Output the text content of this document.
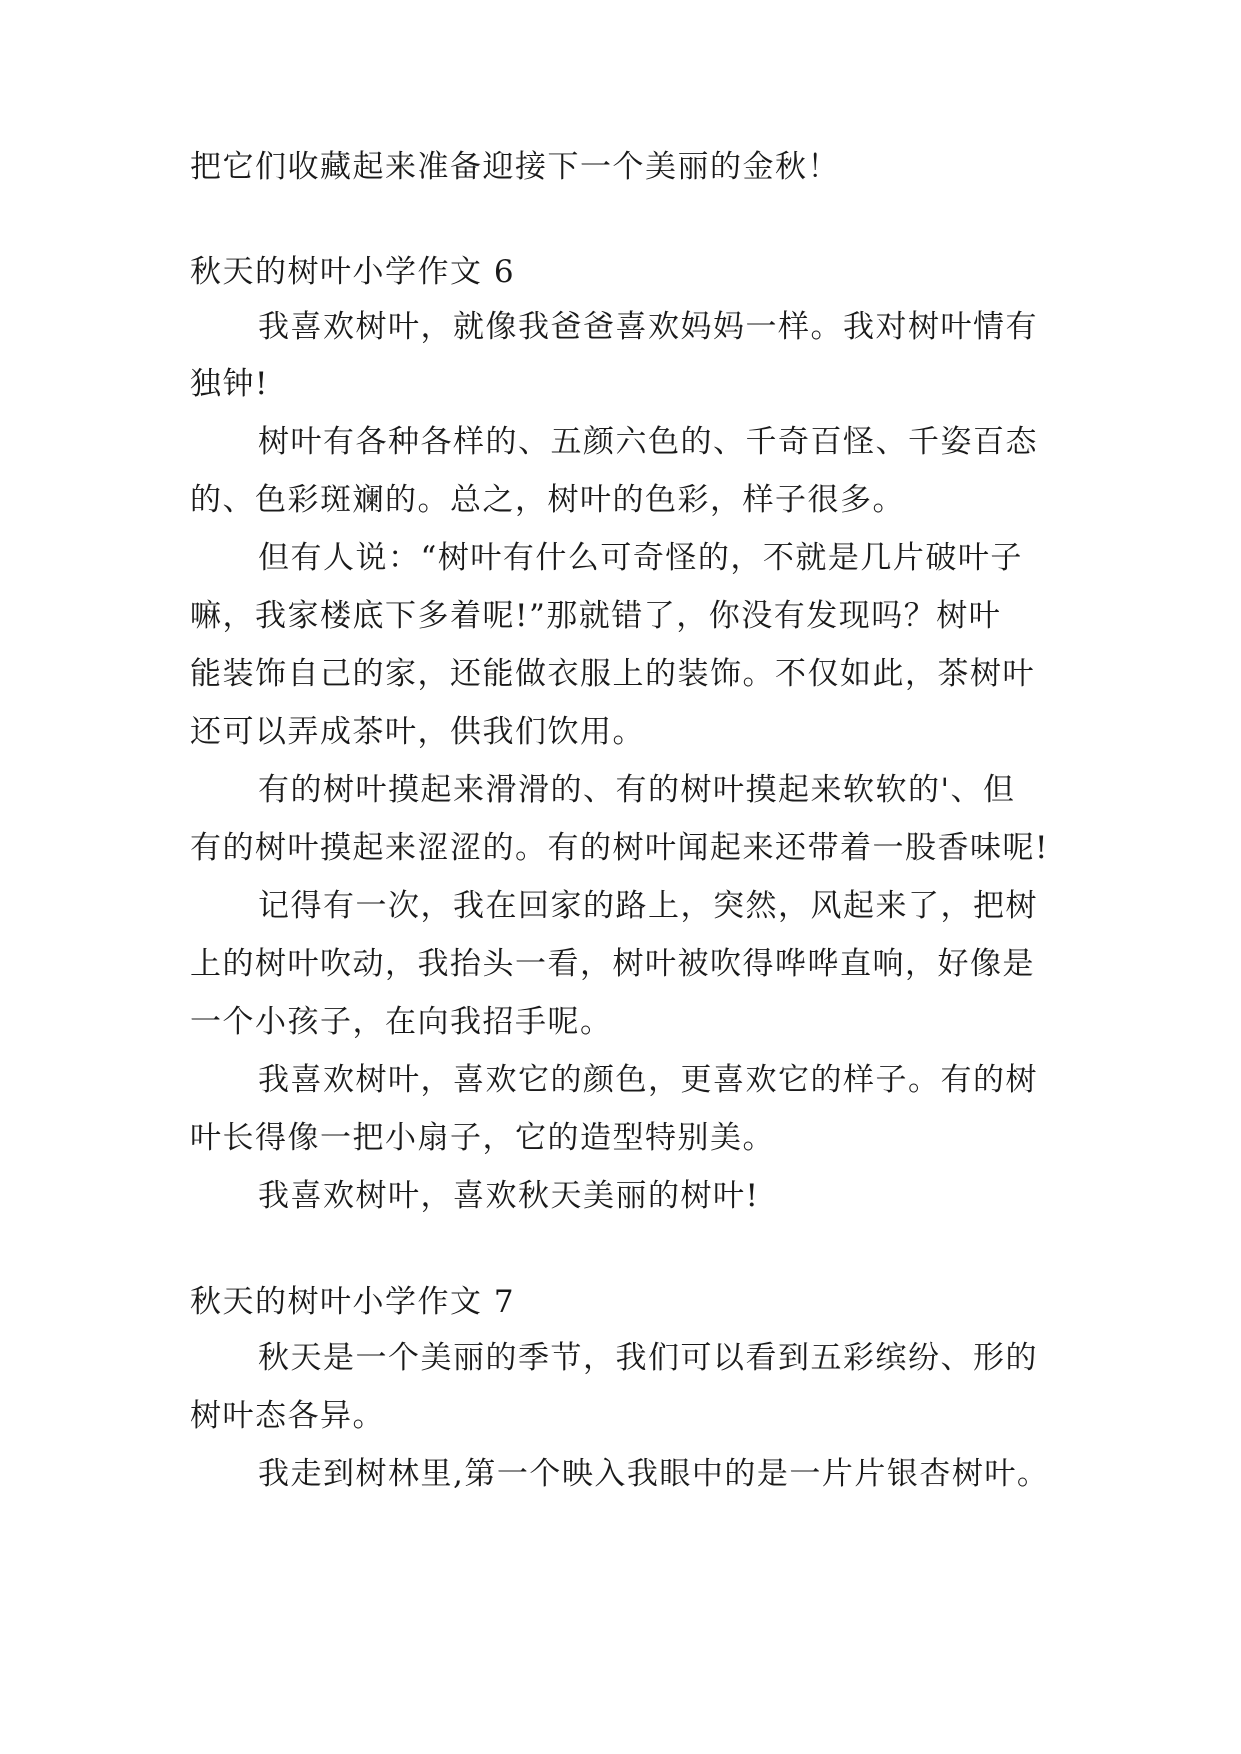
把它们收藏起来准备迎接下一个美丽的金秋！
秋天的树叶小学作文 6
我喜欢树叶，就像我爸爸喜欢妈妈一样。我对树叶情有
独钟!
树叶有各种各样的、五颜六色的、千奇百怪、千姿百态
的、色彩斑斓的。总之，树叶的色彩，样子很多。
但有人说：“树叶有什么可奇怪的，不就是几片破叶子
嘛，我家楼底下多着呢!”那就错了，你没有发现吗？树叶
能装饰自己的家，还能做衣服上的装饰。不仅如此，茶树叶
还可以弄成茶叶，供我们饮用。
有的树叶摸起来滑滑的、有的树叶摸起来软软的'、但
有的树叶摸起来涩涩的。有的树叶闻起来还带着一股香味呢!
记得有一次，我在回家的路上，突然，风起来了，把树
上的树叶吹动，我抬头一看，树叶被吹得哗哗直响，好像是
一个小孩子，在向我招手呢。
我喜欢树叶，喜欢它的颜色，更喜欢它的样子。有的树
叶长得像一把小扇子，它的造型特别美。
我喜欢树叶，喜欢秋天美丽的树叶!
秋天的树叶小学作文 7
秋天是一个美丽的季节，我们可以看到五彩缤纷、形的
树叶态各异。
我走到树林里,第一个映入我眼中的是一片片银杏树叶。
